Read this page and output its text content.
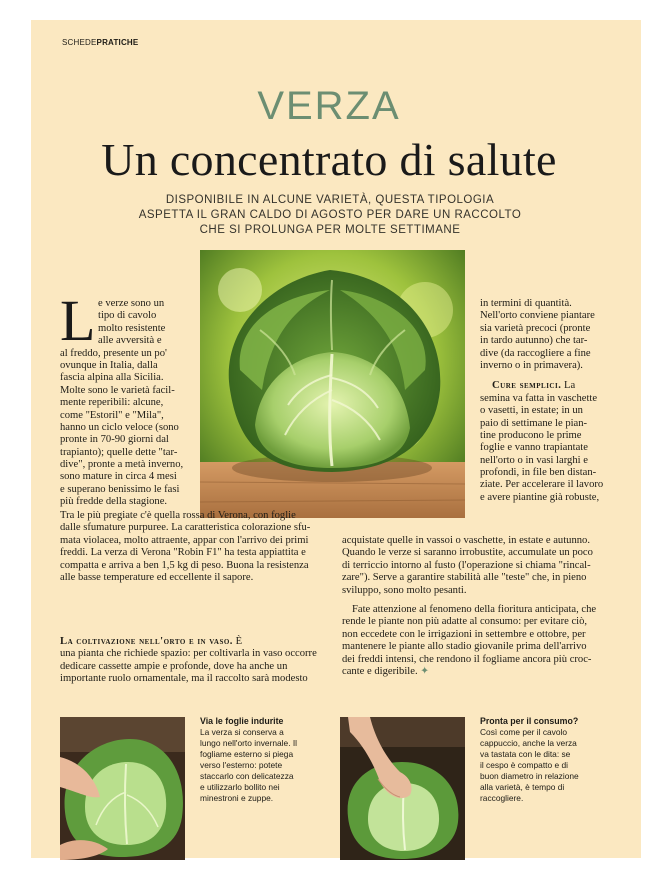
SCHEDEPRATICHE
VERZA
Un concentrato di salute
DISPONIBILE IN ALCUNE VARIETÀ, QUESTA TIPOLOGIA
ASPETTA IL GRAN CALDO DI AGOSTO PER DARE UN RACCOLTO
CHE SI PROLUNGA PER MOLTE SETTIMANE
L e verze sono un
tipo di cavolo
molto resistente
alle avversità e
al freddo, presente un po'
ovunque in Italia, dalla
fascia alpina alla Sicilia.
Molte sono le varietà facil-
mente reperibili: alcune,
come "Estoril" e "Mila",
hanno un ciclo veloce (sono
pronte in 70-90 giorni dal
trapianto); quelle dette "tar-
dive", pronte a metà inverno,
sono mature in circa 4 mesi
e superano benissimo le fasi
più fredde della stagione.
Tra le più pregiate c'è quella rossa di Verona, con foglie
dalle sfumature purpuree. La caratteristica colorazione sfu-
mata violacea, molto attraente, appar con l'arrivo dei primi
freddi. La verza di Verona "Robin F1" ha testa appiattita e
compatta e arriva a ben 1,5 kg di peso. Buona la resistenza
alle basse temperature ed eccellente il sapore.
La coltivazione nell'orto e in vaso. È
una pianta che richiede spazio: per coltivarla in vaso occorre
dedicare cassette ampie e profonde, dove ha anche un
importante ruolo ornamentale, ma il raccolto sarà modesto
in termini di quantità.
Nell'orto conviene piantare
sia varietà precoci (pronte
in tardo autunno) che tar-
dive (da raccogliere a fine
inverno o in primavera).
Cure semplici. La
semina va fatta in vaschette
o vasetti, in estate; in un
paio di settimane le pian-
tine producono le prime
foglie e vanno trapiantate
nell'orto o in vasi larghi e
profondi, in file ben distan-
ziate. Per accelerare il lavoro
e avere piantine già robuste,
acquistate quelle in vassoi o vaschette, in estate e autunno.
Quando le verze si saranno irrobustite, accumulate un poco
di terriccio intorno al fusto (l'operazione si chiama "rincal-
zare"). Serve a garantire stabilità alle "teste" che, in pieno
sviluppo, sono molto pesanti.
Fate attenzione al fenomeno della fioritura anticipata, che
rende le piante non più adatte al consumo: per evitare ciò,
non eccedete con le irrigazioni in settembre e ottobre, per
mantenere le piante allo stadio giovanile prima dell'arrivo
dei freddi intensi, che rendono il fogliame ancora più croc-
cante e digeribile. ✦
Via le foglie indurite
La verza si conserva a
lungo nell'orto invernale. Il
fogliame esterno si piega
verso l'esterno: potete
staccarlo con delicatezza
e utilizzarlo bollito nei
minestroni e zuppe.
Pronta per il consumo?
Così come per il cavolo
cappuccio, anche la verza
va tastata con le dita: se
il cespo è compatto e di
buon diametro in relazione
alla varietà, è tempo di
raccogliere.
